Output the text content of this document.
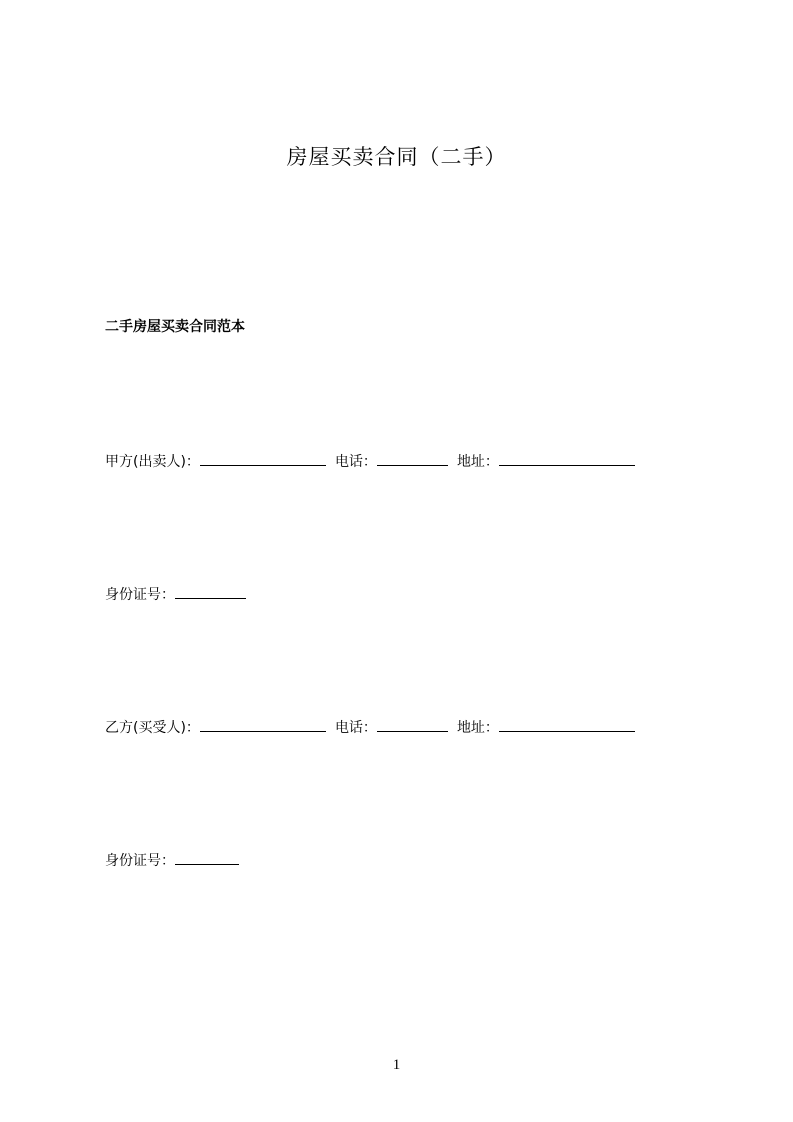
房屋买卖合同（二手）
二手房屋买卖合同范本
甲方(出卖人)：	电话：	地址：
身份证号：
乙方(买受人)：	电话：	地址：
身份证号：
1
